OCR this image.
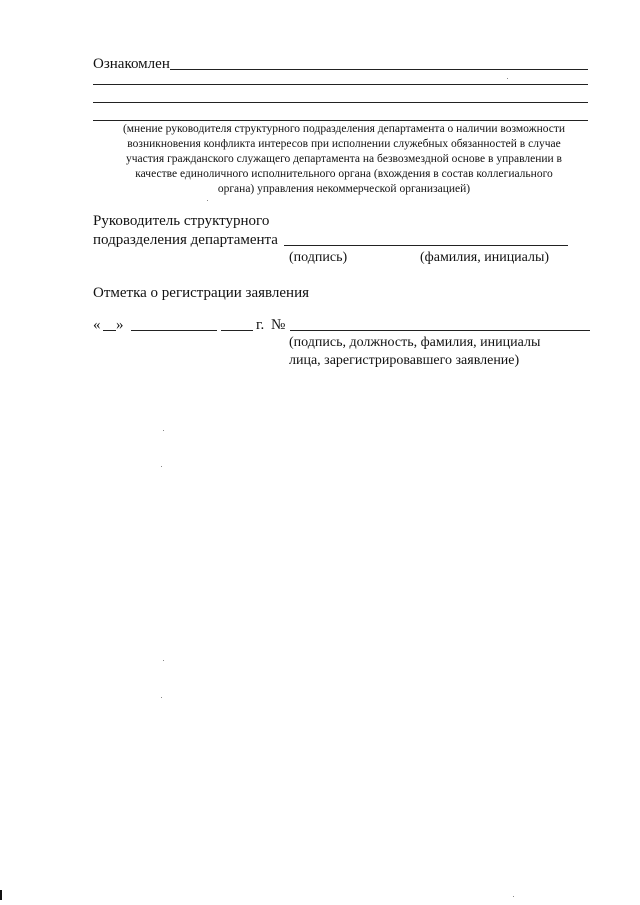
Ознакомлен
(мнение руководителя структурного подразделения департамента о наличии возможности
возникновения конфликта интересов при исполнении служебных обязанностей в случае
участия гражданского служащего департамента на безвозмездной основе в управлении в
качестве единоличного исполнительного органа (вхождения в состав коллегиального
органа) управления некоммерческой организацией)
Руководитель структурного
подразделения департамента
(подпись)	(фамилия, инициалы)
Отметка о регистрации заявления
« »	г. №
(подпись, должность, фамилия, инициалы
лица, зарегистрировавшего заявление)
